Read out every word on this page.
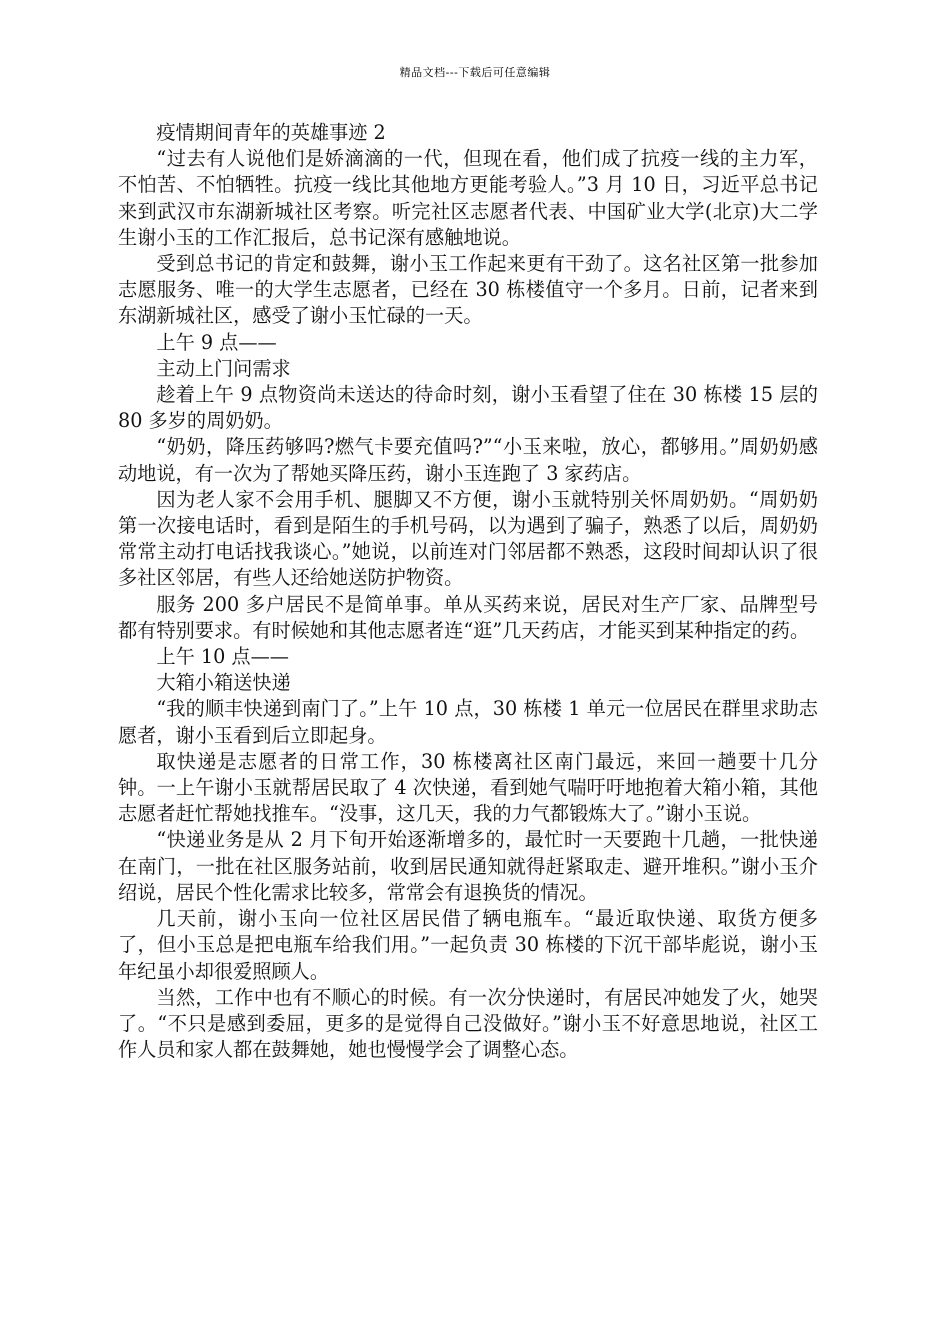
精品文档---下载后可任意编辑

疫情期间青年的英雄事迹 2

“过去有人说他们是娇滴滴的一代，但现在看，他们成了抗疫一线的主力军，不怕苦、不怕牺牲。抗疫一线比其他地方更能考验人。”3 月 10 日，习近平总书记来到武汉市东湖新城社区考察。听完社区志愿者代表、中国矿业大学(北京)大二学生谢小玉的工作汇报后，总书记深有感触地说。

受到总书记的肯定和鼓舞，谢小玉工作起来更有干劲了。这名社区第一批参加志愿服务、唯一的大学生志愿者，已经在 30 栋楼值守一个多月。日前，记者来到东湖新城社区，感受了谢小玉忙碌的一天。

上午 9 点——

主动上门问需求

趁着上午 9 点物资尚未送达的待命时刻，谢小玉看望了住在 30 栋楼 15 层的 80 多岁的周奶奶。

“奶奶，降压药够吗?燃气卡要充值吗?”“小玉来啦，放心，都够用。”周奶奶感动地说，有一次为了帮她买降压药，谢小玉连跑了 3 家药店。

因为老人家不会用手机、腿脚又不方便，谢小玉就特别关怀周奶奶。“周奶奶第一次接电话时，看到是陌生的手机号码，以为遇到了骗子，熟悉了以后，周奶奶常常主动打电话找我谈心。”她说，以前连对门邻居都不熟悉，这段时间却认识了很多社区邻居，有些人还给她送防护物资。

服务 200 多户居民不是简单事。单从买药来说，居民对生产厂家、品牌型号都有特别要求。有时候她和其他志愿者连“逛”几天药店，才能买到某种指定的药。

上午 10 点——

大箱小箱送快递

“我的顺丰快递到南门了。”上午 10 点，30 栋楼 1 单元一位居民在群里求助志愿者，谢小玉看到后立即起身。

取快递是志愿者的日常工作，30 栋楼离社区南门最远，来回一趟要十几分钟。一上午谢小玉就帮居民取了 4 次快递，看到她气喘吁吁地抱着大箱小箱，其他志愿者赶忙帮她找推车。“没事，这几天，我的力气都锻炼大了。”谢小玉说。

“快递业务是从 2 月下旬开始逐渐增多的，最忙时一天要跑十几趟，一批快递在南门，一批在社区服务站前，收到居民通知就得赶紧取走、避开堆积。”谢小玉介绍说，居民个性化需求比较多，常常会有退换货的情况。

几天前，谢小玉向一位社区居民借了辆电瓶车。“最近取快递、取货方便多了，但小玉总是把电瓶车给我们用。”一起负责 30 栋楼的下沉干部毕彪说，谢小玉年纪虽小却很爱照顾人。

当然，工作中也有不顺心的时候。有一次分快递时，有居民冲她发了火，她哭了。“不只是感到委屈，更多的是觉得自己没做好。”谢小玉不好意思地说，社区工作人员和家人都在鼓舞她，她也慢慢学会了调整心态。
